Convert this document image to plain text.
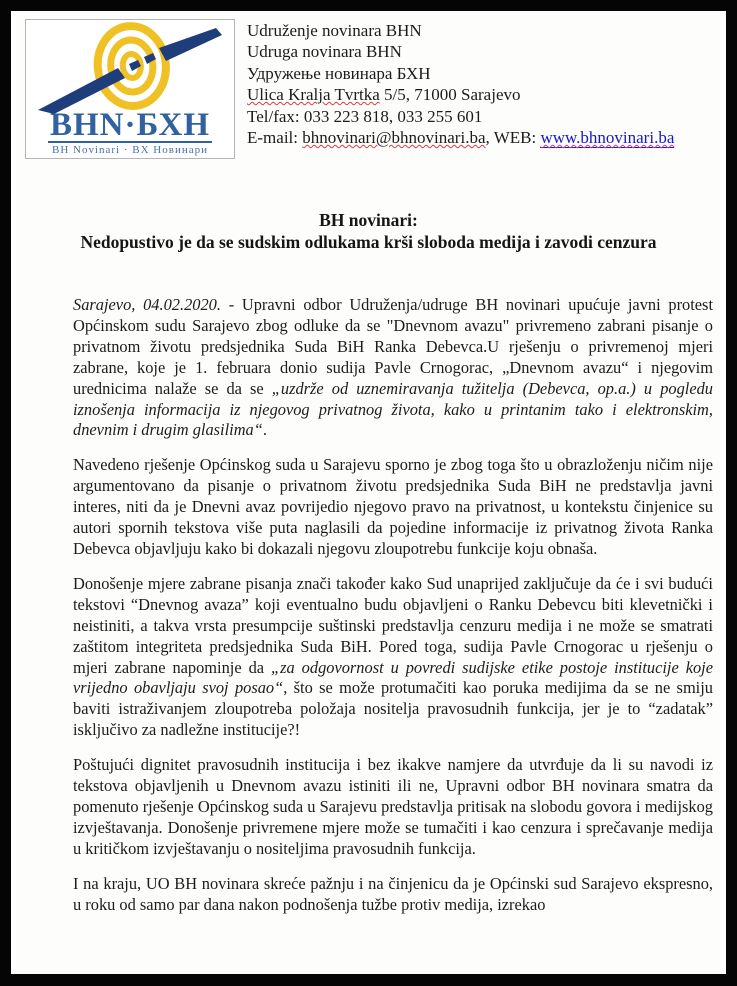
BHN·БХН
BH Novinari · BX Новинари
Udruženje novinara BHN
Udruga novinara BHN
Удружење новинара БХН
Ulica Kralja Tvrtka 5/5, 71000 Sarajevo
Tel/fax: 033 223 818, 033 255 601
E-mail: bhnovinari@bhnovinari.ba, WEB: www.bhnovinari.ba
BH novinari:
Nedopustivo je da se sudskim odlukama krši sloboda medija i zavodi cenzura

Sarajevo, 04.02.2020. - Upravni odbor Udruženja/udruge BH novinari upućuje javni protest Općinskom sudu Sarajevo zbog odluke da se "Dnevnom avazu" privremeno zabrani pisanje o privatnom životu predsjednika Suda BiH Ranka Debevca.U rješenju o privremenoj mjeri zabrane, koje je 1. februara donio sudija Pavle Crnogorac, „Dnevnom avazu“ i njegovim urednicima nalaže se da se „uzdrže od uznemiravanja tužitelja (Debevca, op.a.) u pogledu iznošenja informacija iz njegovog privatnog života, kako u printanim tako i elektronskim, dnevnim i drugim glasilima“.

Navedeno rješenje Općinskog suda u Sarajevu sporno je zbog toga što u obrazloženju ničim nije argumentovano da pisanje o privatnom životu predsjednika Suda BiH ne predstavlja javni interes, niti da je Dnevni avaz povrijedio njegovo pravo na privatnost, u kontekstu činjenice su autori spornih tekstova više puta naglasili da pojedine informacije iz privatnog života Ranka Debevca objavljuju kako bi dokazali njegovu zloupotrebu funkcije koju obnaša.

Donošenje mjere zabrane pisanja znači također kako Sud unaprijed zaključuje da će i svi budući tekstovi “Dnevnog avaza” koji eventualno budu objavljeni o Ranku Debevcu biti klevetnički i neistiniti, a takva vrsta presumpcije suštinski predstavlja cenzuru medija i ne može se smatrati zaštitom integriteta predsjednika Suda BiH. Pored toga, sudija Pavle Crnogorac u rješenju o mjeri zabrane napominje da „za odgovornost u povredi sudijske etike postoje institucije koje vrijedno obavljaju svoj posao“, što se može protumačiti kao poruka medijima da se ne smiju baviti istraživanjem zloupotreba položaja nositelja pravosudnih funkcija, jer je to “zadatak” isključivo za nadležne institucije?!

Poštujući dignitet pravosudnih institucija i bez ikakve namjere da utvrđuje da li su navodi iz tekstova objavljenih u Dnevnom avazu istiniti ili ne, Upravni odbor BH novinara smatra da pomenuto rješenje Općinskog suda u Sarajevu predstavlja pritisak na slobodu govora i medijskog izvještavanja. Donošenje privremene mjere može se tumačiti i kao cenzura i sprečavanje medija u kritičkom izvještavanju o nositeljima pravosudnih funkcija.

I na kraju, UO BH novinara skreće pažnju i na činjenicu da je Općinski sud Sarajevo ekspresno, u roku od samo par dana nakon podnošenja tužbe protiv medija, izrekao
